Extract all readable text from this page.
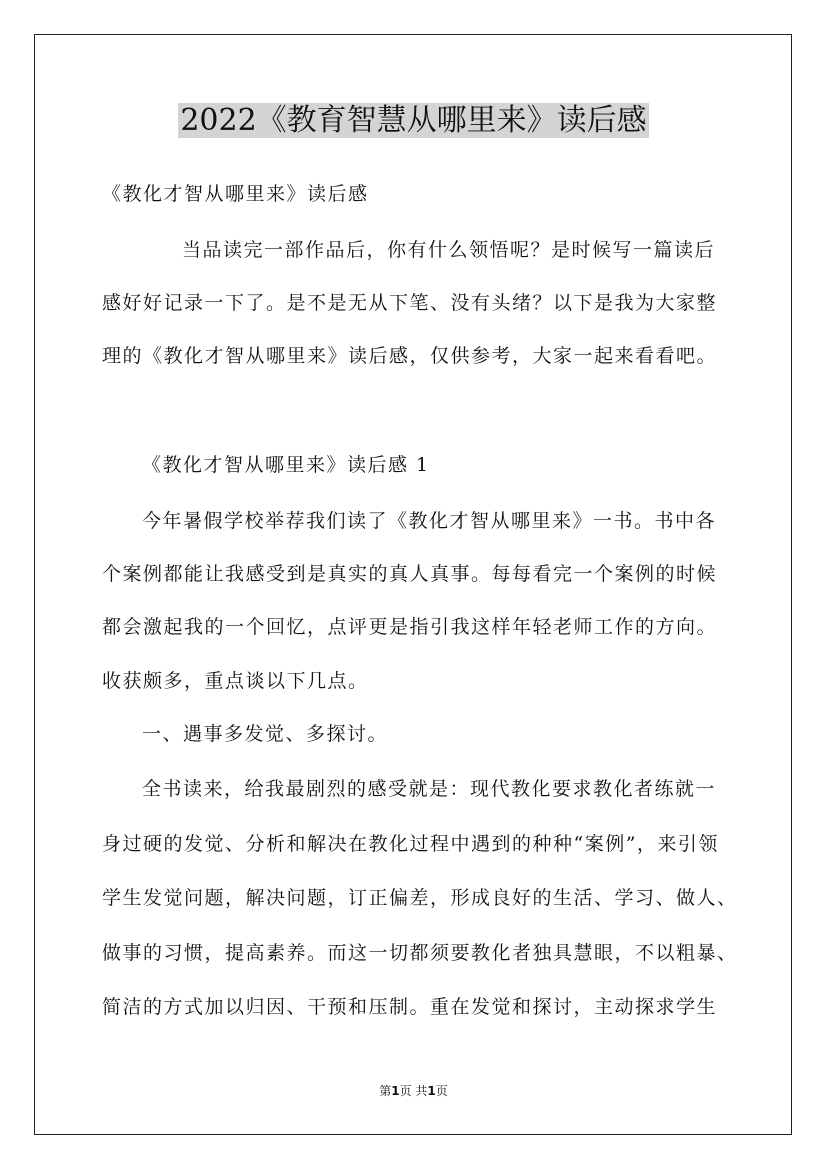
2022《教育智慧从哪里来》读后感
《教化才智从哪里来》读后感
当品读完一部作品后，你有什么领悟呢？是时候写一篇读后
感好好记录一下了。是不是无从下笔、没有头绪？以下是我为大家整
理的《教化才智从哪里来》读后感，仅供参考，大家一起来看看吧。
《教化才智从哪里来》读后感 1
今年暑假学校举荐我们读了《教化才智从哪里来》一书。书中各
个案例都能让我感受到是真实的真人真事。每每看完一个案例的时候
都会激起我的一个回忆，点评更是指引我这样年轻老师工作的方向。
收获颇多，重点谈以下几点。
一、遇事多发觉、多探讨。
全书读来，给我最剧烈的感受就是：现代教化要求教化者练就一
身过硬的发觉、分析和解决在教化过程中遇到的种种“案例”，来引领
学生发觉问题，解决问题，订正偏差，形成良好的生活、学习、做人、
做事的习惯，提高素养。而这一切都须要教化者独具慧眼，不以粗暴、
简洁的方式加以归因、干预和压制。重在发觉和探讨，主动探求学生
第1页 共1页
